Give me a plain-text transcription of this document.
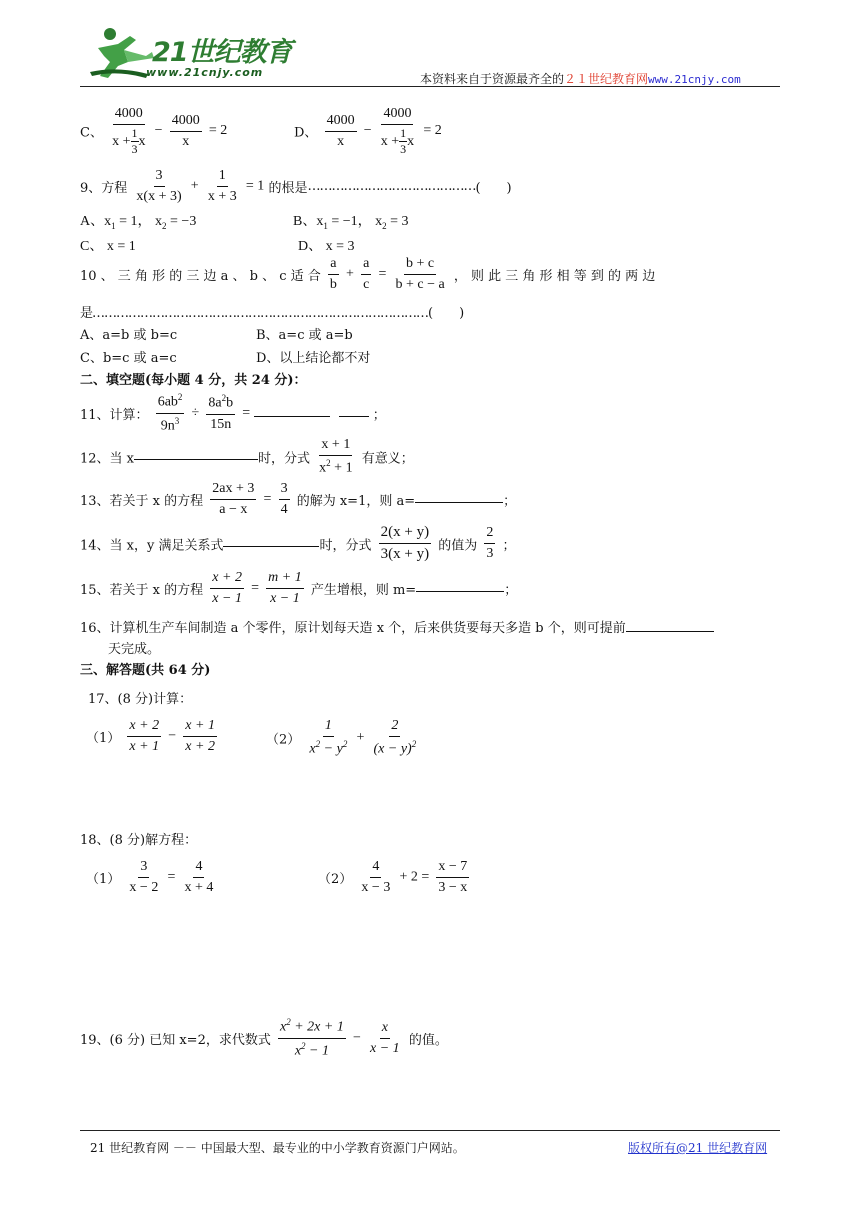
21世纪教育
www.21cnjy.com	本资料来自于资源最齐全的２１世纪教育网www.21cnjy.com
C、 $\frac{4000}{x + \frac{1}{3} x} - \frac{4000}{x} = 2$	D、 $\frac{4000}{x} - \frac{4000}{x + \frac{1}{3} x} = 2$
9、方程 $\frac{3}{x(x + 3)} + \frac{1}{x + 3} = 1$ 的根是……………………………………(　　)
A、$x_1 = 1$， $x_2 = -3$	B、$x_1 = -1$， $x_2 = 3$
C、 x = 1	D、 x = 3
10 、 三 角 形 的 三 边 a 、 b 、 c 适 合 $\frac{a}{b} + \frac{a}{c} = \frac{b + c}{b + c - a}$ ， 则 此 三 角 形 相 等 到 的 两 边
是…………………………………………………………………………(　　)
A、a=b 或 b=c	B、a=c 或 a=b
C、b=c 或 a=c	D、以上结论都不对
二、填空题(每小题 4 分，共 24 分)：
11、计算： $\frac{6ab^2}{9n^3} \div \frac{8a^2b}{15n}$ =	；
12、当 x	时，分式 $\frac{x + 1}{x^2 + 1}$ 有意义；
13、若关于 x 的方程 $\frac{2ax + 3}{a - x} = \frac{3}{4}$ 的解为 x=1，则 a=	；
14、当 x，y 满足关系式	时，分式 $\frac{2(x + y)}{3(x + y)}$ 的值为 $\frac{2}{3}$ ；
15、若关于 x 的方程 $\frac{x + 2}{x - 1} = \frac{m + 1}{x - 1}$ 产生增根，则 m=	；
16、计算机生产车间制造 a 个零件，原计划每天造 x 个，后来供货要每天多造 b 个，则可提前
天完成。
三、解答题(共 64 分)
17、(8 分)计算：
$(1) \frac{x + 2}{x + 1} - \frac{x + 1}{x + 2}$	$(2) \frac{1}{x^2 - y^2} + \frac{2}{(x - y)^2}$
18、(8 分)解方程：
$(1) \frac{3}{x - 2} = \frac{4}{x + 4}$	$(2) \frac{4}{x - 3} + 2 = \frac{x - 7}{3 - x}$
19、(6 分) 已知 x=2，求代数式 $\frac{x^2 + 2x + 1}{x^2 - 1} - \frac{x}{x - 1}$ 的值。
21 世纪教育网 －－ 中国最大型、最专业的中小学教育资源门户网站。	版权所有@21 世纪教育网
